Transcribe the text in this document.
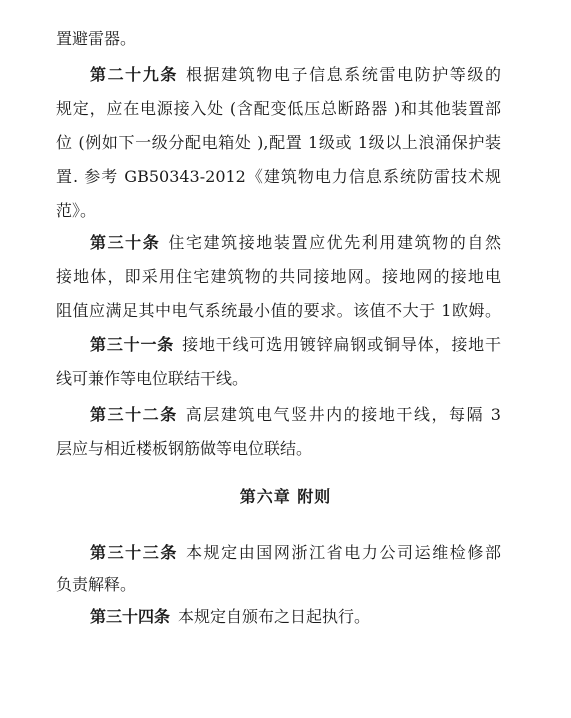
置避雷器。
第二十九条 根据建筑物电子信息系统雷电防护等级的
规定，应在电源接入处 (含配变低压总断路器 )和其他装置部
位 (例如下一级分配电箱处 ),配置 1级或 1级以上浪涌保护装
置. 参考 GB50343-2012《建筑物电力信息系统防雷技术规
范》。
第三十条 住宅建筑接地装置应优先利用建筑物的自然
接地体，即采用住宅建筑物的共同接地网。接地网的接地电
阻值应满足其中电气系统最小值的要求。该值不大于 1欧姆。
第三十一条 接地干线可选用镀锌扁钢或铜导体，接地干
线可兼作等电位联结干线。
第三十二条 高层建筑电气竖井内的接地干线，每隔 3
层应与相近楼板钢筋做等电位联结。
第六章 附则
第三十三条 本规定由国网浙江省电力公司运维检修部
负责解释。
第三十四条 本规定自颁布之日起执行。
